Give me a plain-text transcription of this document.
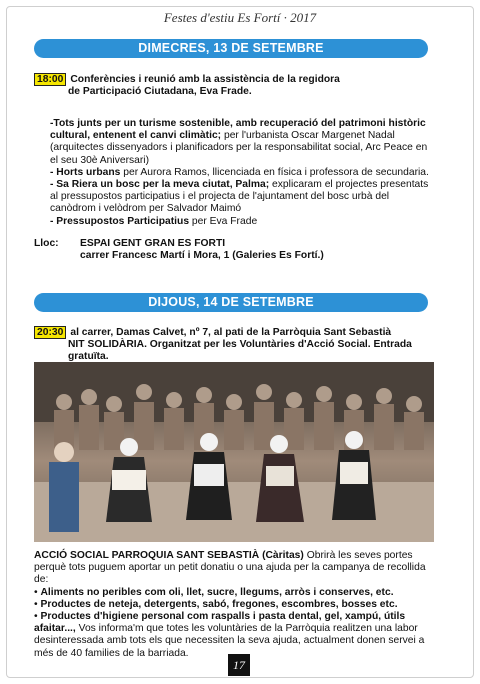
Festes d'estiu Es Fortí · 2017
DIMECRES, 13 DE SETEMBRE
18:00 Conferències i reunió amb la assistència de la regidora
de Participació Ciutadana, Eva Frade.
-Tots junts per un turisme sostenible, amb recuperació del patrimoni històric cultural, entenent el canvi climàtic; per l'urbanista Oscar Margenet Nadal (arquitectes dissenyadors i planificadors per la responsabilitat social, Arc Peace en el seu 30è Aniversari)
- Horts urbans per Aurora Ramos, llicenciada en física i professora de secundaria.
- Sa Riera un bosc per la meva ciutat, Palma; explicaram el projectes presentats al pressupostos participatius i el projecta de l'ajuntament del bosc urbà del canòdrom i velòdrom per Salvador Maimó
- Pressupostos Participatius per Eva Frade
Lloc: ESPAI GENT GRAN ES FORTI
carrer Francesc Martí i Mora, 1 (Galeries Es Fortí.)
DIJOUS, 14 DE SETEMBRE
20:30 al carrer, Damas Calvet, nº 7, al pati de la Parròquia Sant Sebastià
NIT SOLIDÀRIA. Organitzat per les Voluntàries d'Acció Social. Entrada gratuïta.
ACCIÓ SOCIAL PARROQUIA SANT SEBASTIÀ (Càritas) Obrirà les seves portes perquè tots puguem aportar un petit donatiu o una ajuda per la campanya de recollida de:
• Aliments no peribles com oli, llet, sucre, llegums, arròs i conserves, etc.
• Productes de neteja, detergents, sabó, fregones, escombres, bosses etc.
• Productes d'higiene personal com raspalls i pasta dental, gel, xampú, útils afaitar..., Vos informa'm que totes les voluntàries de la Parròquia realitzen una labor desinteressada amb tots els que necessiten la seva ajuda, actualment donen servei a més de 40 families de la barriada.
17
